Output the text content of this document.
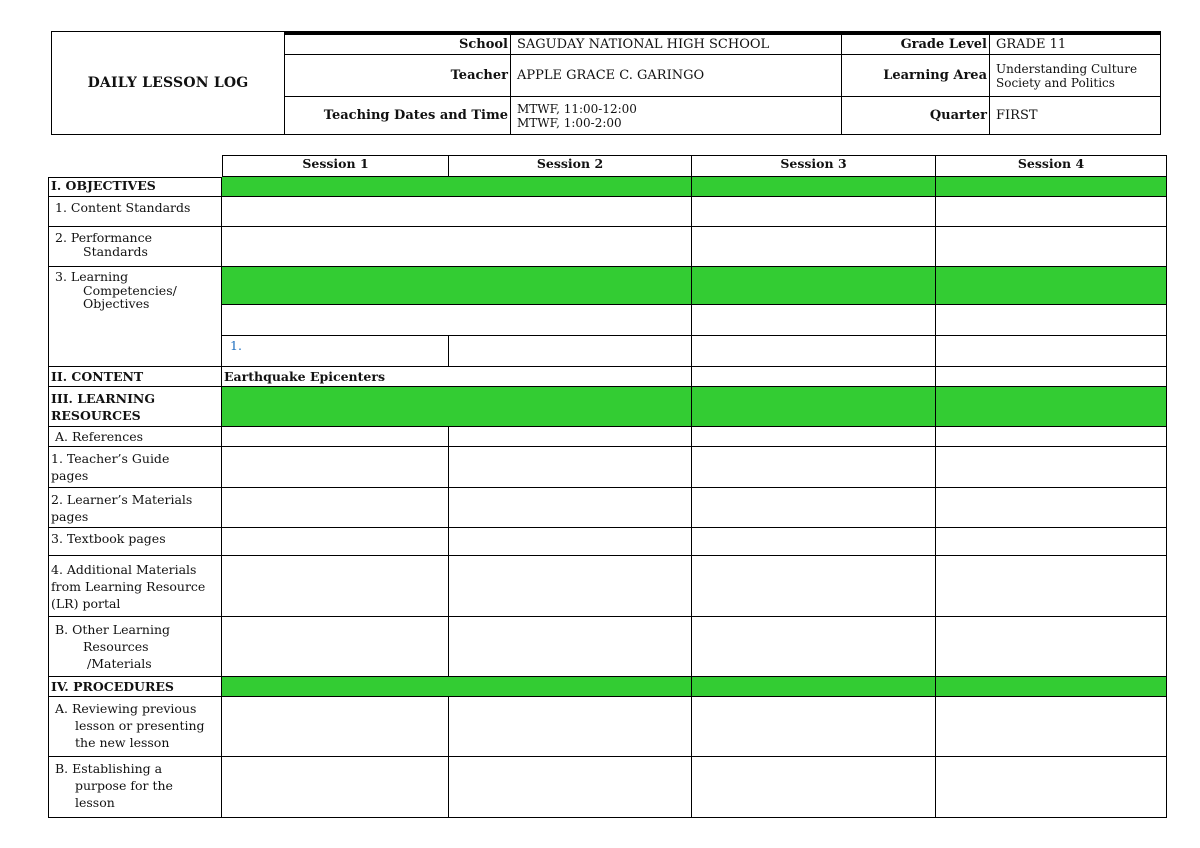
DAILY LESSON LOG
School SAGUDAY NATIONAL HIGH SCHOOL	Grade Level GRADE 11
Teacher APPLE GRACE C. GARINGO	Learning Area Understanding Culture
Society and Politics
Teaching Dates and Time MTWF, 11:00-12:00
MTWF, 1:00-2:00	Quarter FIRST
Session 1	Session 2	Session 3	Session 4
I. OBJECTIVES
1. Content Standards
2. Performance
Standards
3. Learning
Competencies/
Objectives
1.
II. CONTENT	Earthquake Epicenters
III. LEARNING
RESOURCES
A. References
1. Teacher’s Guide
pages
2. Learner’s Materials
pages
3. Textbook pages
4. Additional Materials
from Learning Resource
(LR) portal
B. Other Learning
Resources
/Materials
IV. PROCEDURES
A. Reviewing previous
lesson or presenting
the new lesson
B. Establishing a
purpose for the
lesson
